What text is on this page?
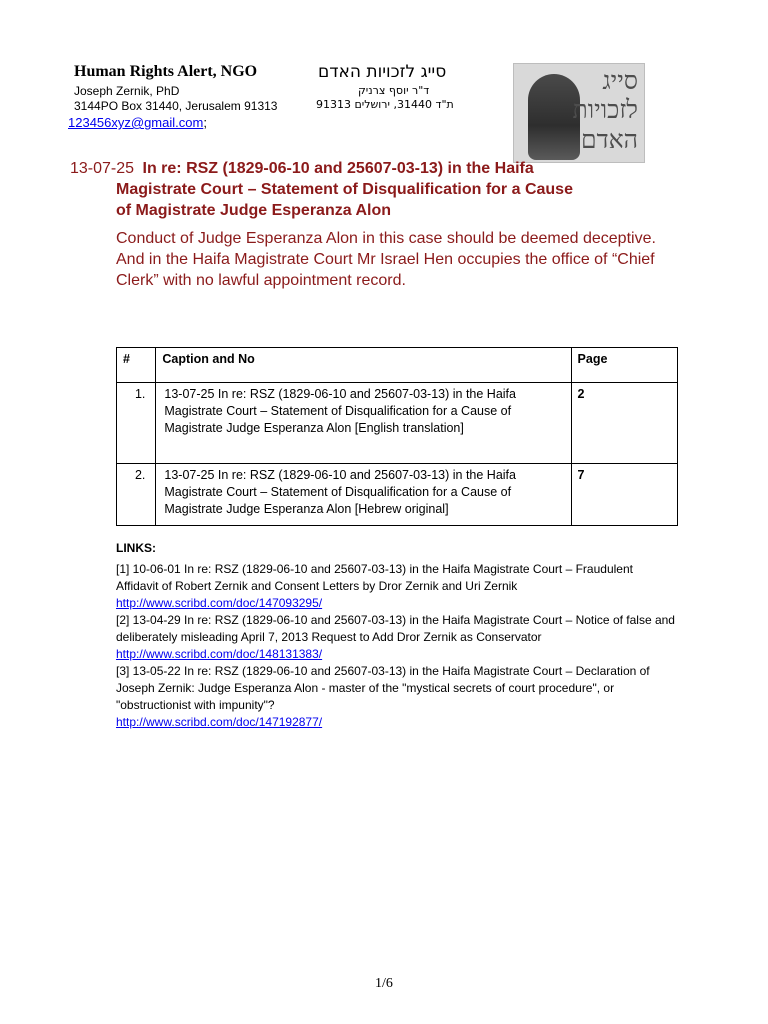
Human Rights Alert, NGO	סייג לזכויות האדם
Joseph Zernik, PhD	ד"ר יוסף צרניק
3144PO Box 31440, Jerusalem 91313	ת"ד 31440, ירושלים 91313
123456xyz@gmail.com;
סייג
לזכויות
האדם
13-07-25 In re: RSZ (1829-06-10 and 25607-03-13) in the Haifa
Magistrate Court – Statement of Disqualification for a Cause
of Magistrate Judge Esperanza Alon
Conduct of Judge Esperanza Alon in this case should be deemed deceptive. And in the Haifa Magistrate Court Mr Israel Hen occupies the office of “Chief Clerk” with no lawful appointment record.
#	Caption and No	Page
1.	13-07-25 In re: RSZ (1829-06-10 and 25607-03-13) in the Haifa Magistrate Court – Statement of Disqualification for a Cause of Magistrate Judge Esperanza Alon [English translation]	2
2.	13-07-25 In re: RSZ (1829-06-10 and 25607-03-13) in the Haifa Magistrate Court – Statement of Disqualification for a Cause of Magistrate Judge Esperanza Alon [Hebrew original]	7
LINKS:

[1] 10-06-01 In re: RSZ (1829-06-10 and 25607-03-13) in the Haifa Magistrate Court – Fraudulent Affidavit of Robert Zernik and Consent Letters by Dror Zernik and Uri Zernik
http://www.scribd.com/doc/147093295/

[2] 13-04-29 In re: RSZ (1829-06-10 and 25607-03-13) in the Haifa Magistrate Court – Notice of false and deliberately misleading April 7, 2013 Request to Add Dror Zernik as Conservator
http://www.scribd.com/doc/148131383/

[3] 13-05-22 In re: RSZ (1829-06-10 and 25607-03-13) in the Haifa Magistrate Court – Declaration of Joseph Zernik: Judge Esperanza Alon - master of the "mystical secrets of court procedure", or "obstructionist with impunity"?
http://www.scribd.com/doc/147192877/

1/6
